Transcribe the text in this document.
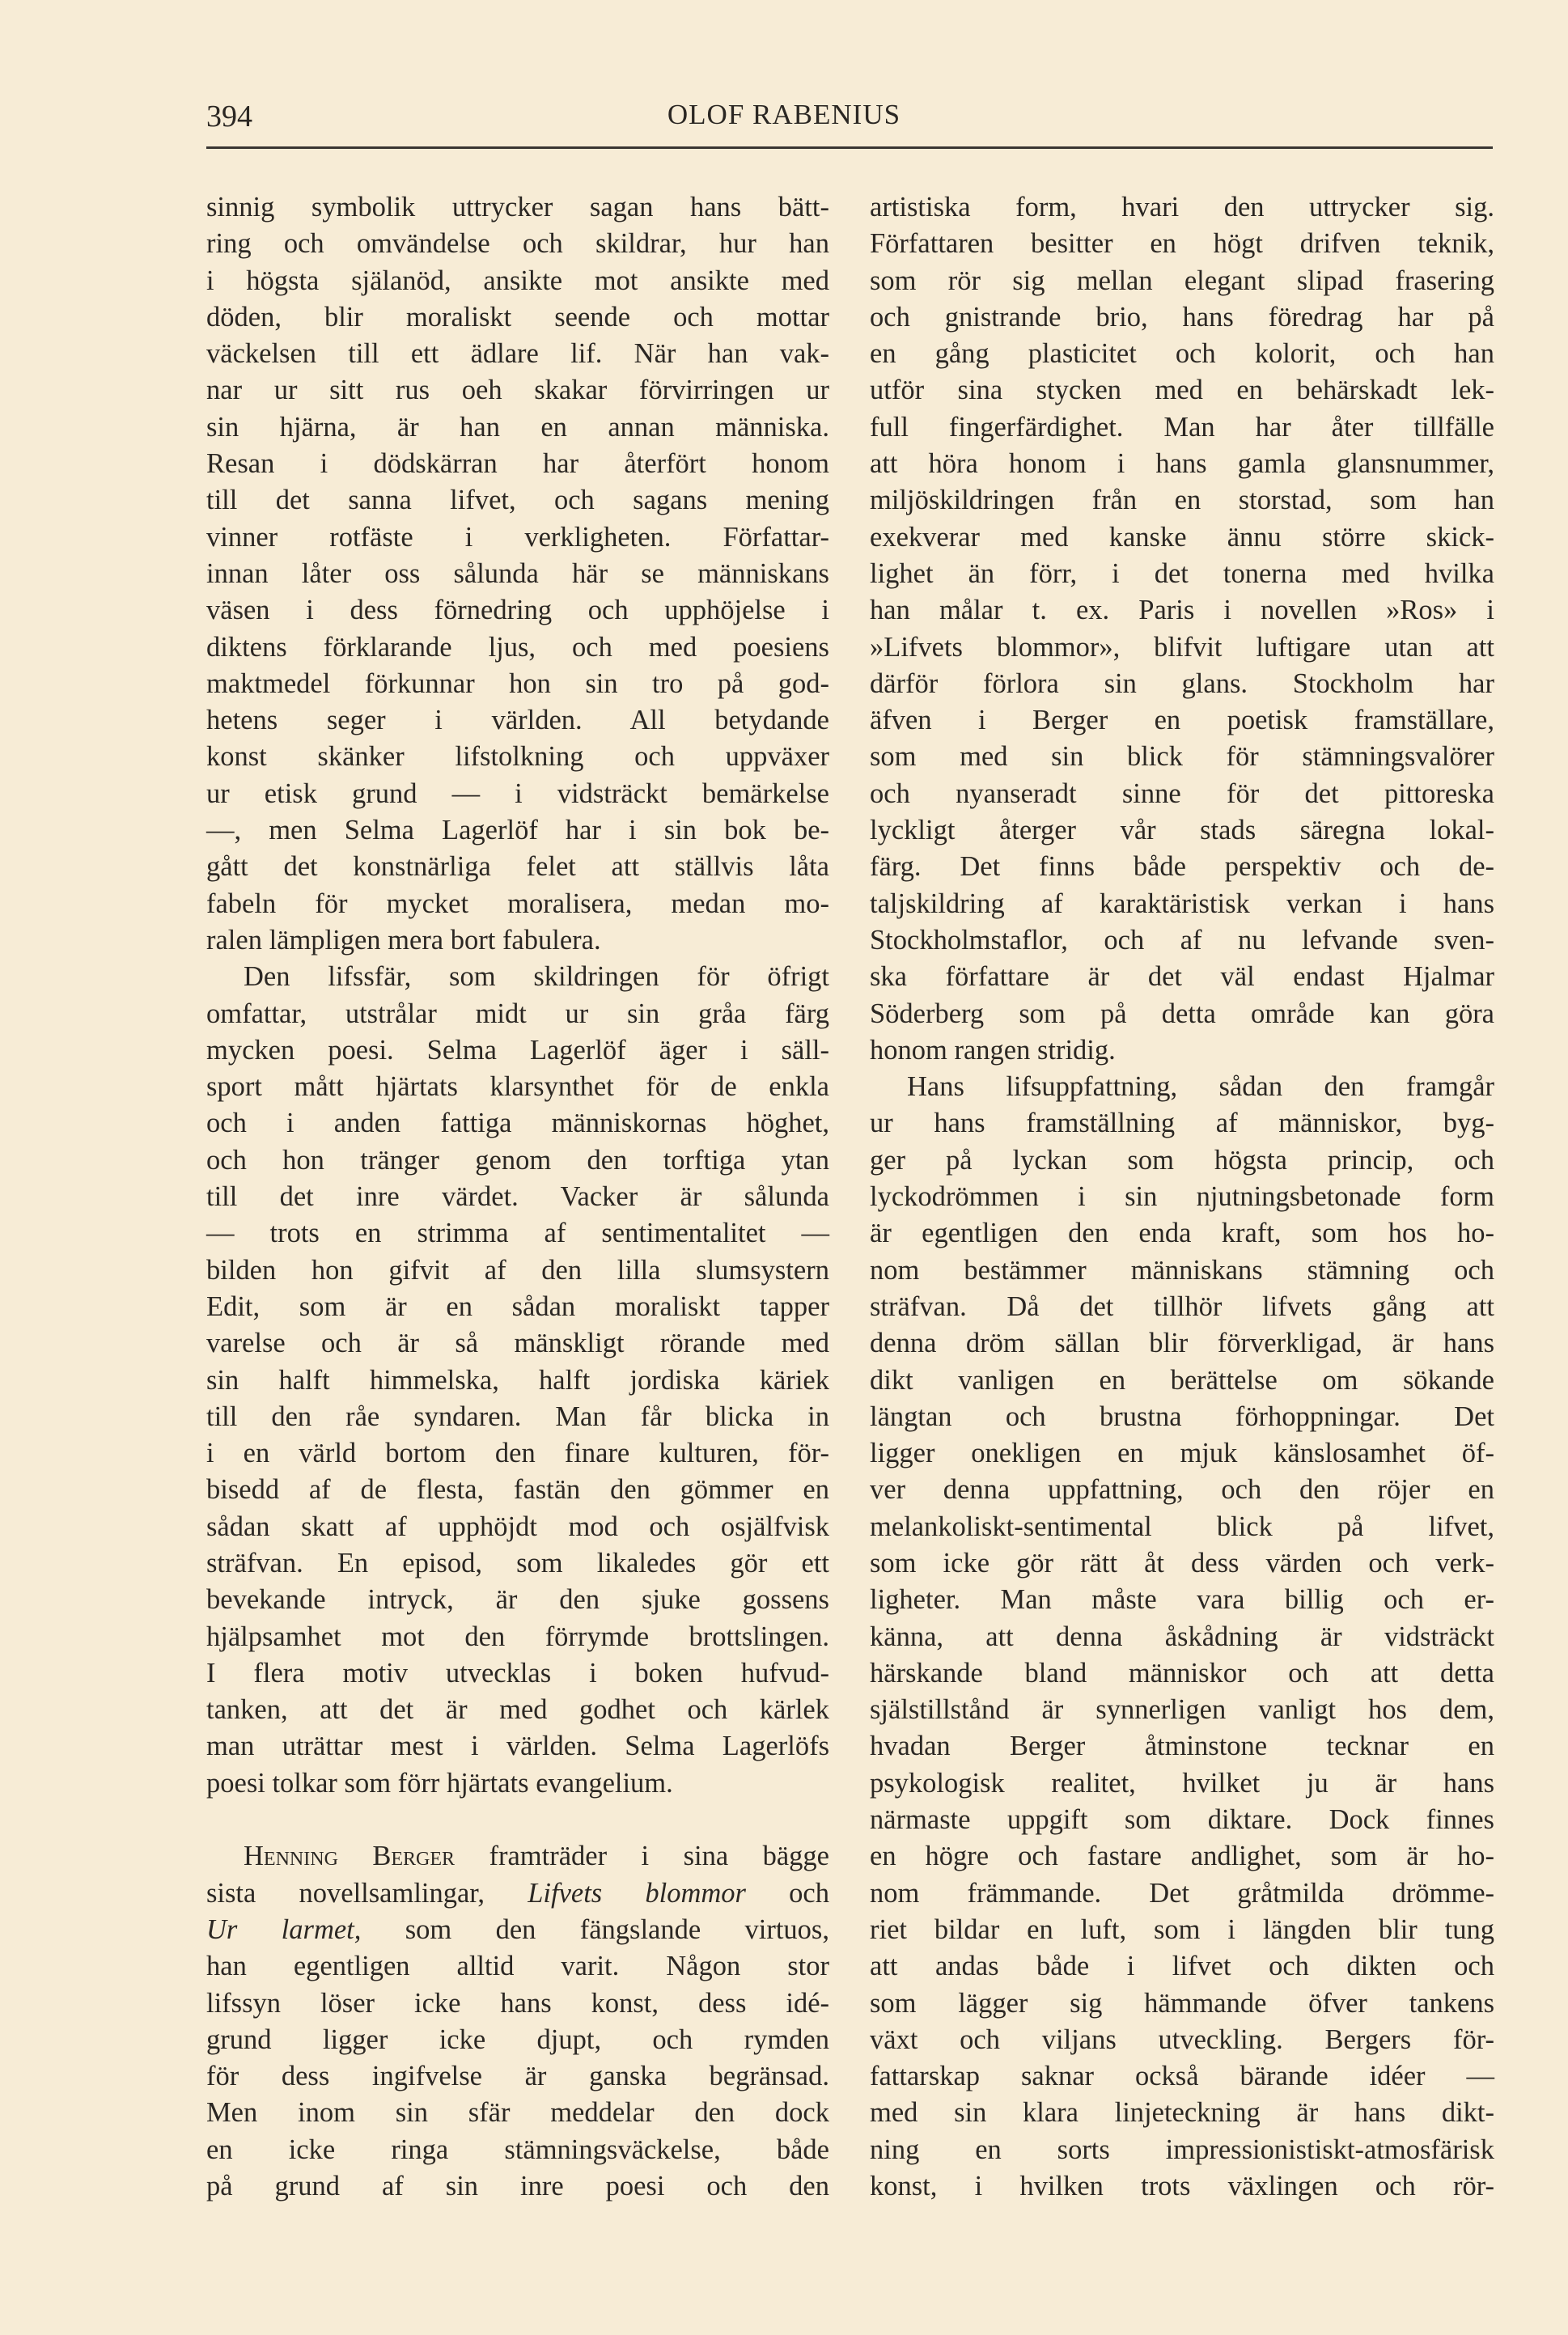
394	OLOF RABENIUS
sinnig symbolik uttrycker sagan hans bätt-
ring och omvändelse och skildrar, hur han
i högsta själanöd, ansikte mot ansikte med
döden, blir moraliskt seende och mottar
väckelsen till ett ädlare lif. När han vak-
nar ur sitt rus oeh skakar förvirringen ur
sin hjärna, är han en annan människa.
Resan i dödskärran har återfört honom
till det sanna lifvet, och sagans mening
vinner rotfäste i verkligheten. Författar-
innan låter oss sålunda här se människans
väsen i dess förnedring och upphöjelse i
diktens förklarande ljus, och med poesiens
maktmedel förkunnar hon sin tro på god-
hetens seger i världen. All betydande
konst skänker lifstolkning och uppväxer
ur etisk grund — i vidsträckt bemärkelse
—, men Selma Lagerlöf har i sin bok be-
gått det konstnärliga felet att ställvis låta
fabeln för mycket moralisera, medan mo-
ralen lämpligen mera bort fabulera.
Den lifssfär, som skildringen för öfrigt
omfattar, utstrålar midt ur sin gråa färg
mycken poesi. Selma Lagerlöf äger i säll-
sport mått hjärtats klarsynthet för de enkla
och i anden fattiga människornas höghet,
och hon tränger genom den torftiga ytan
till det inre värdet. Vacker är sålunda
— trots en strimma af sentimentalitet —
bilden hon gifvit af den lilla slumsystern
Edit, som är en sådan moraliskt tapper
varelse och är så mänskligt rörande med
sin halft himmelska, halft jordiska käriek
till den råe syndaren. Man får blicka in
i en värld bortom den finare kulturen, för-
bisedd af de flesta, fastän den gömmer en
sådan skatt af upphöjdt mod och osjälfvisk
sträfvan. En episod, som likaledes gör ett
bevekande intryck, är den sjuke gossens
hjälpsamhet mot den förrymde brottslingen.
I flera motiv utvecklas i boken hufvud-
tanken, att det är med godhet och kärlek
man uträttar mest i världen. Selma Lagerlöfs
poesi tolkar som förr hjärtats evangelium.

Henning Berger framträder i sina bägge
sista novellsamlingar, Lifvets blommor och
Ur larmet, som den fängslande virtuos,
han egentligen alltid varit. Någon stor
lifssyn löser icke hans konst, dess idé-
grund ligger icke djupt, och rymden
för dess ingifvelse är ganska begränsad.
Men inom sin sfär meddelar den dock
en icke ringa stämningsväckelse, både
på grund af sin inre poesi och den
artistiska form, hvari den uttrycker sig.
Författaren besitter en högt drifven teknik,
som rör sig mellan elegant slipad frasering
och gnistrande brio, hans föredrag har på
en gång plasticitet och kolorit, och han
utför sina stycken med en behärskadt lek-
full fingerfärdighet. Man har åter tillfälle
att höra honom i hans gamla glansnummer,
miljöskildringen från en storstad, som han
exekverar med kanske ännu större skick-
lighet än förr, i det tonerna med hvilka
han målar t. ex. Paris i novellen »Ros» i
»Lifvets blommor», blifvit luftigare utan att
därför förlora sin glans. Stockholm har
äfven i Berger en poetisk framställare,
som med sin blick för stämningsvalörer
och nyanseradt sinne för det pittoreska
lyckligt återger vår stads säregna lokal-
färg. Det finns både perspektiv och de-
taljskildring af karaktäristisk verkan i hans
Stockholmstaflor, och af nu lefvande sven-
ska författare är det väl endast Hjalmar
Söderberg som på detta område kan göra
honom rangen stridig.
Hans lifsuppfattning, sådan den framgår
ur hans framställning af människor, byg-
ger på lyckan som högsta princip, och
lyckodrömmen i sin njutningsbetonade form
är egentligen den enda kraft, som hos ho-
nom bestämmer människans stämning och
sträfvan. Då det tillhör lifvets gång att
denna dröm sällan blir förverkligad, är hans
dikt vanligen en berättelse om sökande
längtan och brustna förhoppningar. Det
ligger onekligen en mjuk känslosamhet öf-
ver denna uppfattning, och den röjer en
melankoliskt-sentimental blick på lifvet,
som icke gör rätt åt dess värden och verk-
ligheter. Man måste vara billig och er-
känna, att denna åskådning är vidsträckt
härskande bland människor och att detta
själstillstånd är synnerligen vanligt hos dem,
hvadan Berger åtminstone tecknar en
psykologisk realitet, hvilket ju är hans
närmaste uppgift som diktare. Dock finnes
en högre och fastare andlighet, som är ho-
nom främmande. Det gråtmilda drömme-
riet bildar en luft, som i längden blir tung
att andas både i lifvet och dikten och
som lägger sig hämmande öfver tankens
växt och viljans utveckling. Bergers för-
fattarskap saknar också bärande idéer —
med sin klara linjeteckning är hans dikt-
ning en sorts impressionistiskt-atmosfärisk
konst, i hvilken trots växlingen och rör-
